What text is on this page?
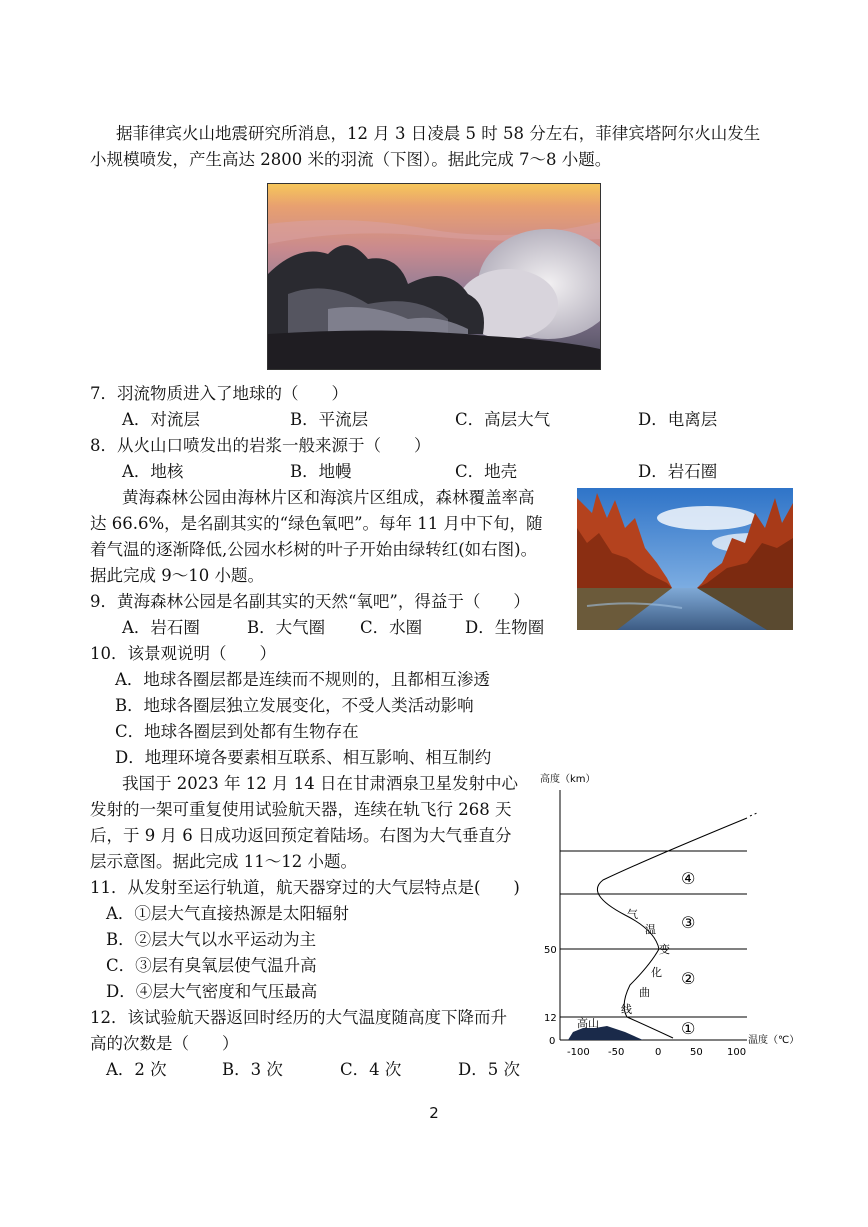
据菲律宾火山地震研究所消息，12 月 3 日凌晨 5 时 58 分左右，菲律宾塔阿尔火山发生
小规模喷发，产生高达 2800 米的羽流（下图）。据此完成 7～8 小题。
7．羽流物质进入了地球的（　　）
A．对流层	B．平流层	C．高层大气	D．电离层
8．从火山口喷发出的岩浆一般来源于（　　）
A．地核	B．地幔	C．地壳	D．岩石圈
黄海森林公园由海林片区和海滨片区组成，森林覆盖率高
达 66.6%，是名副其实的“绿色氧吧”。每年 11 月中下旬，随
着气温的逐渐降低,公园水杉树的叶子开始由绿转红(如右图)。
据此完成 9～10 小题。
9．黄海森林公园是名副其实的天然“氧吧”，得益于（　　）
A．岩石圈	B．大气圈 C．水圈	D．生物圈
10．该景观说明（　　）
A．地球各圈层都是连续而不规则的，且都相互渗透
B．地球各圈层独立发展变化，不受人类活动影响
C．地球各圈层到处都有生物存在
D．地理环境各要素相互联系、相互影响、相互制约
我国于 2023 年 12 月 14 日在甘肃酒泉卫星发射中心
发射的一架可重复使用试验航天器，连续在轨飞行 268 天
后，于 9 月 6 日成功返回预定着陆场。右图为大气垂直分
层示意图。据此完成 11～12 小题。
11．从发射至运行轨道，航天器穿过的大气层特点是(　　)
A．①层大气直接热源是太阳辐射
B．②层大气以水平运动为主
C．③层有臭氧层使气温升高
D．④层大气密度和气压最高
12．该试验航天器返回时经历的大气温度随高度下降而升
高的次数是（　　）
A．2 次	B．3 次	C．4 次	D．5 次
高山
高度（km）
温度（℃）
0
12
50
-100 -50	0	50 100
①
②
③
④
气
温
变
化
曲
线
2
